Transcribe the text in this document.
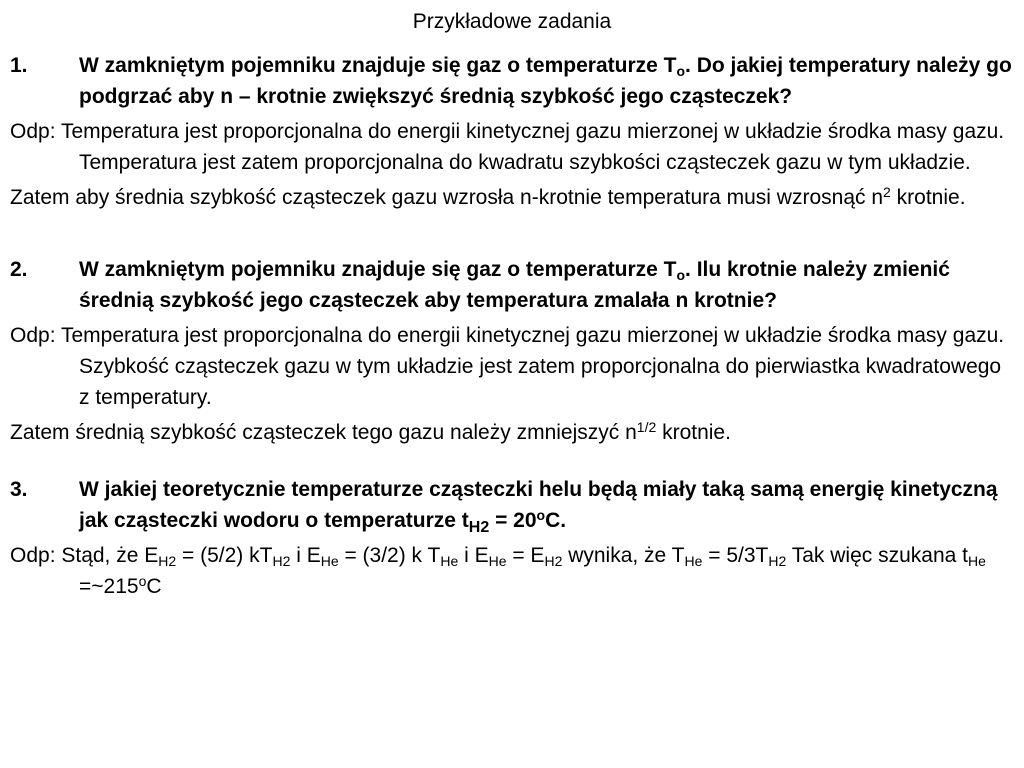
Przykładowe zadania
1. W zamkniętym pojemniku znajduje się gaz o temperaturze $T_o$. Do jakiej temperatury należy go podgrzać aby n – krotnie zwiększyć średnią szybkość jego cząsteczek?
Odp: Temperatura jest proporcjonalna do energii kinetycznej gazu mierzonej w układzie środka masy gazu. Temperatura jest zatem proporcjonalna do kwadratu szybkości cząsteczek gazu w tym układzie.
Zatem aby średnia szybkość cząsteczek gazu wzrosła n-krotnie temperatura musi wzrosnąć $n^2$ krotnie.
2. W zamkniętym pojemniku znajduje się gaz o temperaturze $T_o$. Ilu krotnie należy zmienić średnią szybkość jego cząsteczek aby temperatura zmalała n krotnie?
Odp: Temperatura jest proporcjonalna do energii kinetycznej gazu mierzonej w układzie środka masy gazu. Szybkość cząsteczek gazu w tym układzie jest zatem proporcjonalna do pierwiastka kwadratowego z temperatury.
Zatem średnią szybkość cząsteczek tego gazu należy zmniejszyć $n^{1/2}$ krotnie.
3. W jakiej teoretycznie temperaturze cząsteczki helu będą miały taką samą energię kinetyczną jak cząsteczki wodoru o temperaturze $t_{H2} = 20^oC$.
Odp: Stąd, że $E_{H2} = (5/2)$ $kT_{H2}$ i $E_{He} = (3/2)$ k $T_{He}$ i $E_{He} = E_{H2}$ wynika, że $T_{He} = 5/3T_{H2}$ Tak więc szukana $t_{He}$ $=\sim 215^oC$
